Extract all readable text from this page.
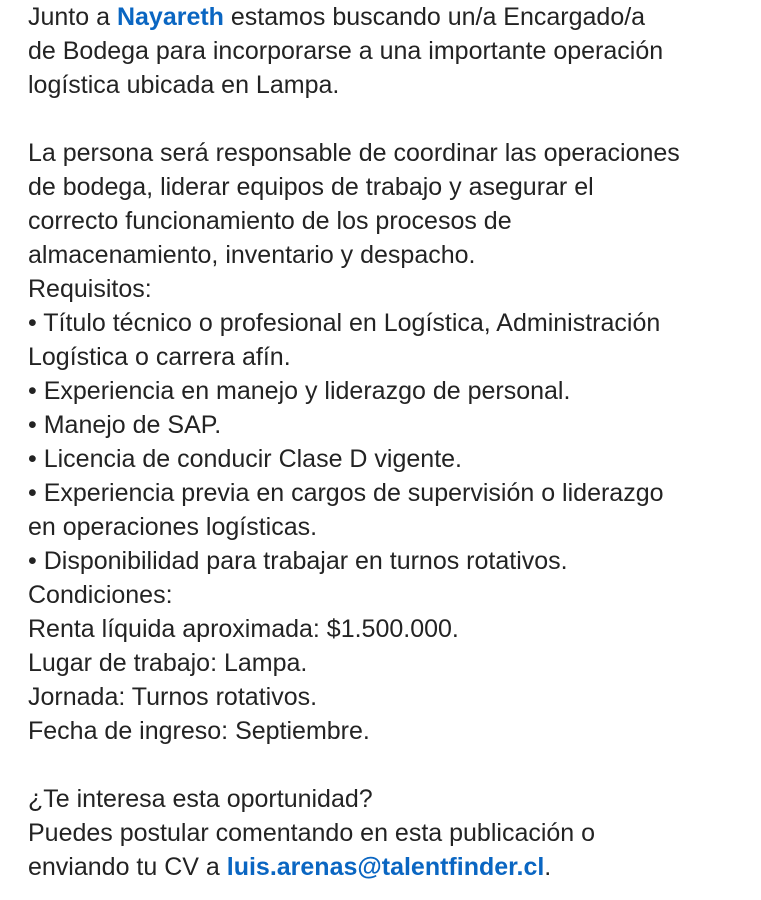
Junto a Nayareth estamos buscando un/a Encargado/a
de Bodega para incorporarse a una importante operación
logística ubicada en Lampa.
La persona será responsable de coordinar las operaciones
de bodega, liderar equipos de trabajo y asegurar el
correcto funcionamiento de los procesos de
almacenamiento, inventario y despacho.
Requisitos:
• Título técnico o profesional en Logística, Administración
Logística o carrera afín.
• Experiencia en manejo y liderazgo de personal.
• Manejo de SAP.
• Licencia de conducir Clase D vigente.
• Experiencia previa en cargos de supervisión o liderazgo
en operaciones logísticas.
• Disponibilidad para trabajar en turnos rotativos.
Condiciones:
Renta líquida aproximada: $1.500.000.
Lugar de trabajo: Lampa.
Jornada: Turnos rotativos.
Fecha de ingreso: Septiembre.
¿Te interesa esta oportunidad?
Puedes postular comentando en esta publicación o
enviando tu CV a luis.arenas@talentfinder.cl.
